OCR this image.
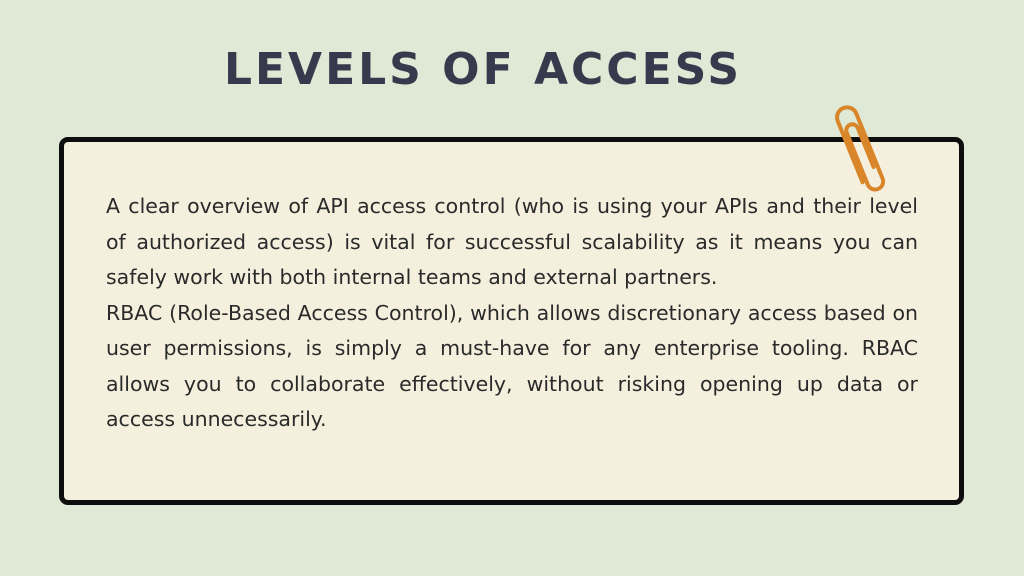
LEVELS OF ACCESS

A clear overview of API access control (who is using your APIs and their level of authorized access) is vital for successful scalability as it means you can safely work with both internal teams and external partners.

RBAC (Role-Based Access Control), which allows discretionary access based on user permissions, is simply a must-have for any enterprise tooling. RBAC allows you to collaborate effectively, without risking opening up data or access unnecessarily.
